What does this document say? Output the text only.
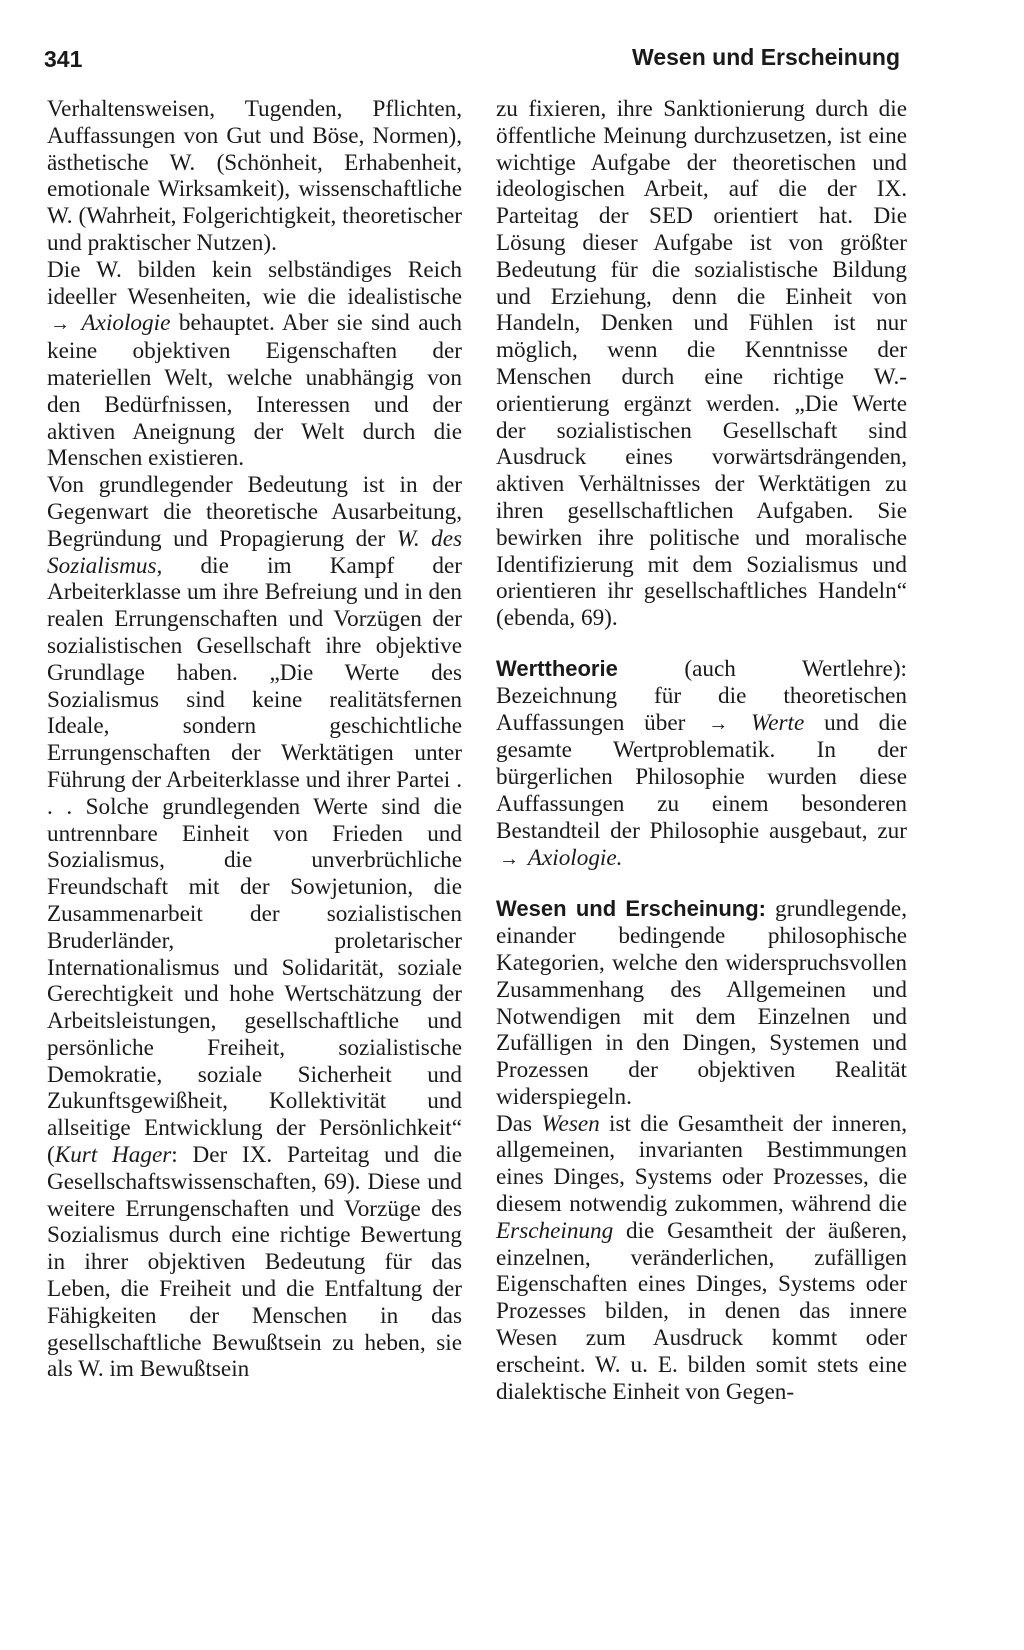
341	Wesen und Erscheinung

Verhaltensweisen, Tugenden, Pflichten, Auffassungen von Gut und Böse, Normen), ästhetische W. (Schönheit, Erhabenheit, emotionale Wirksamkeit), wissenschaftliche W. (Wahrheit, Folgerichtigkeit, theoretischer und praktischer Nutzen).

Die W. bilden kein selbständiges Reich ideeller Wesenheiten, wie die idealistische → Axiologie behauptet. Aber sie sind auch keine objektiven Eigenschaften der materiellen Welt, welche unabhängig von den Bedürfnissen, Interessen und der aktiven Aneignung der Welt durch die Menschen existieren.

Von grundlegender Bedeutung ist in der Gegenwart die theoretische Ausarbeitung, Begründung und Propagierung der W. des Sozialismus, die im Kampf der Arbeiterklasse um ihre Befreiung und in den realen Errungenschaften und Vorzügen der sozialistischen Gesellschaft ihre objektive Grundlage haben. „Die Werte des Sozialismus sind keine realitätsfernen Ideale, sondern geschichtliche Errungenschaften der Werktätigen unter Führung der Arbeiterklasse und ihrer Partei . . . Solche grundlegenden Werte sind die untrennbare Einheit von Frieden und Sozialismus, die unverbrüchliche Freundschaft mit der Sowjetunion, die Zusammenarbeit der sozialistischen Bruderländer, proletarischer Internationalismus und Solidarität, soziale Gerechtigkeit und hohe Wertschätzung der Arbeitsleistungen, gesellschaftliche und persönliche Freiheit, sozialistische Demokratie, soziale Sicherheit und Zukunftsgewißheit, Kollektivität und allseitige Entwicklung der Persönlichkeit“ (Kurt Hager: Der IX. Parteitag und die Gesellschaftswissenschaften, 69). Diese und weitere Errungenschaften und Vorzüge des Sozialismus durch eine richtige Bewertung in ihrer objektiven Bedeutung für das Leben, die Freiheit und die Entfaltung der Fähigkeiten der Menschen in das gesellschaftliche Bewußtsein zu heben, sie als W. im Bewußtsein

zu fixieren, ihre Sanktionierung durch die öffentliche Meinung durchzusetzen, ist eine wichtige Aufgabe der theoretischen und ideologischen Arbeit, auf die der IX. Parteitag der SED orientiert hat. Die Lösung dieser Aufgabe ist von größter Bedeutung für die sozialistische Bildung und Erziehung, denn die Einheit von Handeln, Denken und Fühlen ist nur möglich, wenn die Kenntnisse der Menschen durch eine richtige W.-orientierung ergänzt werden. „Die Werte der sozialistischen Gesellschaft sind Ausdruck eines vorwärtsdrängenden, aktiven Verhältnisses der Werktätigen zu ihren gesellschaftlichen Aufgaben. Sie bewirken ihre politische und moralische Identifizierung mit dem Sozialismus und orientieren ihr gesellschaftliches Handeln“ (ebenda, 69).

Werttheorie	(auch Wertlehre): Bezeichnung für die theoretischen Auffassungen über → Werte und die gesamte Wertproblematik. In der bürgerlichen Philosophie wurden diese Auffassungen zu einem besonderen Bestandteil der Philosophie ausgebaut, zur → Axiologie.

Wesen und Erscheinung: grundlegende, einander bedingende philosophische Kategorien, welche den widerspruchsvollen Zusammenhang des Allgemeinen und Notwendigen mit dem Einzelnen und Zufälligen in den Dingen, Systemen und Prozessen der objektiven Realität widerspiegeln.

Das Wesen ist die Gesamtheit der inneren, allgemeinen, invarianten Bestimmungen eines Dinges, Systems oder Prozesses, die diesem notwendig zukommen, während die Erscheinung die Gesamtheit der äußeren, einzelnen, veränderlichen, zufälligen Eigenschaften eines Dinges, Systems oder Prozesses bilden, in denen das innere Wesen zum Ausdruck kommt oder erscheint. W. u. E. bilden somit stets eine dialektische Einheit von Gegen-
